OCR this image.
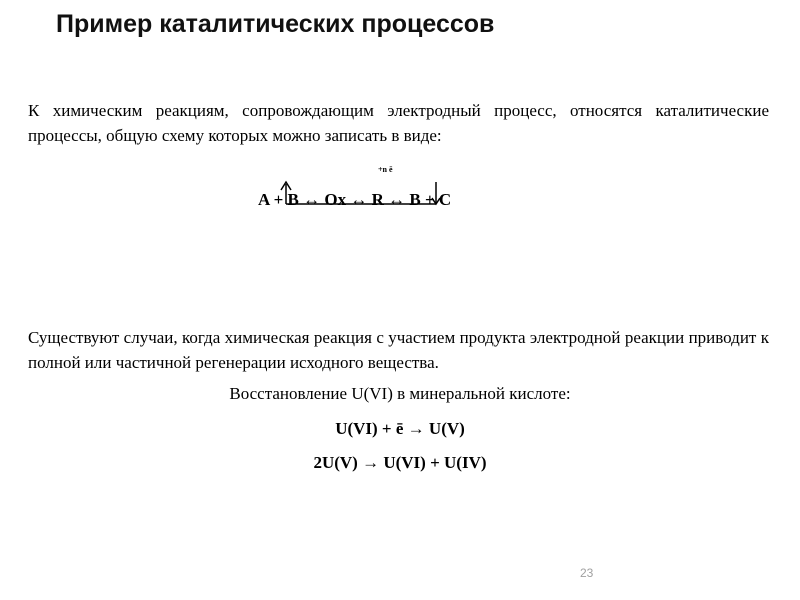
Пример каталитических процессов
К химическим реакциям, сопровождающим электродный процесс, относятся каталитические процессы, общую схему которых можно записать в виде:
+n ē
A + B ↔ Ox ↔ R ↔ B + C
Существуют случаи, когда химическая реакция с участием продукта электродной реакции приводит к полной или частичной регенерации исходного вещества.
Восстановление U(VI) в минеральной кислоте:
U(VI) + ē → U(V)
2U(V) → U(VI) + U(IV)
23
